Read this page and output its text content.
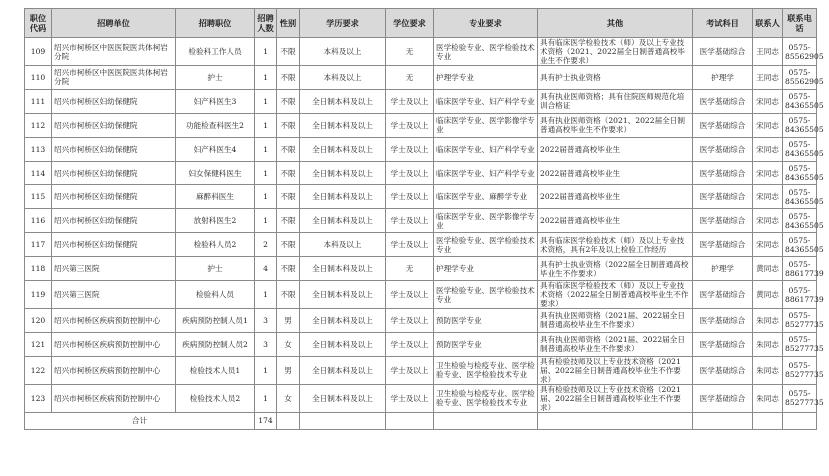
职位代码	招聘单位	招聘职位	招聘人数	性别	学历要求	学位要求	专业要求	其他	考试科目	联系人	联系电话
109	绍兴市柯桥区中医医院医共体柯岩分院	检验科工作人员	1	不限	本科及以上	无	医学检验专业、医学检验技术专业	具有临床医学检验技术（师）及以上专业技术资格（2021、2022届全日制普通高校毕业生不作要求）	医学基础综合	王同志	0575-85562905
110	绍兴市柯桥区中医医院医共体柯岩分院	护士	1	不限	本科及以上	无	护理学专业	具有护士执业资格	护理学	王同志	0575-85562905
111	绍兴市柯桥区妇幼保健院	妇产科医生3	1	不限	全日制本科及以上	学士及以上	临床医学专业、妇产科学专业	具有执业医师资格；具有住院医师规范化培训合格证	医学基础综合	宋同志	0575-84365505
112	绍兴市柯桥区妇幼保健院	功能检查科医生2	1	不限	全日制本科及以上	学士及以上	临床医学专业、医学影像学专业	具有执业医师资格（2021、2022届全日制普通高校毕业生不作要求）	医学基础综合	宋同志	0575-84365505
113	绍兴市柯桥区妇幼保健院	妇产科医生4	1	不限	全日制本科及以上	学士及以上	临床医学专业、妇产科学专业	2022届普通高校毕业生	医学基础综合	宋同志	0575-84365505
114	绍兴市柯桥区妇幼保健院	妇女保健科医生	1	不限	全日制本科及以上	学士及以上	临床医学专业、妇产科学专业	2022届普通高校毕业生	医学基础综合	宋同志	0575-84365505
115	绍兴市柯桥区妇幼保健院	麻醉科医生	1	不限	全日制本科及以上	学士及以上	临床医学专业、麻醉学专业	2022届普通高校毕业生	医学基础综合	宋同志	0575-84365505
116	绍兴市柯桥区妇幼保健院	放射科医生2	1	不限	全日制本科及以上	学士及以上	临床医学专业、医学影像学专业	2022届普通高校毕业生	医学基础综合	宋同志	0575-84365505
117	绍兴市柯桥区妇幼保健院	检验科人员2	2	不限	本科及以上	学士及以上	医学检验专业、医学检验技术专业	具有临床医学检验技术（师）及以上专业技术资格，具有2年及以上检验工作经历	医学基础综合	宋同志	0575-84365505
118	绍兴第三医院	护士	4	不限	全日制本科及以上	无	护理学专业	具有护士执业资格（2022届全日制普通高校毕业生不作要求）	护理学	黄同志	0575-88617739
119	绍兴第三医院	检验科人员	1	不限	全日制本科及以上	学士及以上	医学检验专业、医学检验技术专业	具有临床医学检验技术（师）及以上专业技术资格（2022届全日制普通高校毕业生不作要求）	医学基础综合	黄同志	0575-88617739
120	绍兴市柯桥区疾病预防控制中心	疾病预防控制人员1	3	男	全日制本科及以上	学士及以上	预防医学专业	具有执业医师资格（2021届、2022届全日制普通高校毕业生不作要求）	医学基础综合	朱同志	0575-85277735
121	绍兴市柯桥区疾病预防控制中心	疾病预防控制人员2	3	女	全日制本科及以上	学士及以上	预防医学专业	具有执业医师资格（2021届、2022届全日制普通高校毕业生不作要求）	医学基础综合	朱同志	0575-85277735
122	绍兴市柯桥区疾病预防控制中心	检验技术人员1	1	男	全日制本科及以上	学士及以上	卫生检验与检疫专业、医学检验专业、医学检验技术专业	具有检验技师及以上专业技术资格（2021届、2022届全日制普通高校毕业生不作要求）	医学基础综合	朱同志	0575-85277735
123	绍兴市柯桥区疾病预防控制中心	检验技术人员2	1	女	全日制本科及以上	学士及以上	卫生检验与检疫专业、医学检验专业、医学检验技术专业	具有检验技师及以上专业技术资格（2021届、2022届全日制普通高校毕业生不作要求）	医学基础综合	朱同志	0575-85277735
合计			174								
